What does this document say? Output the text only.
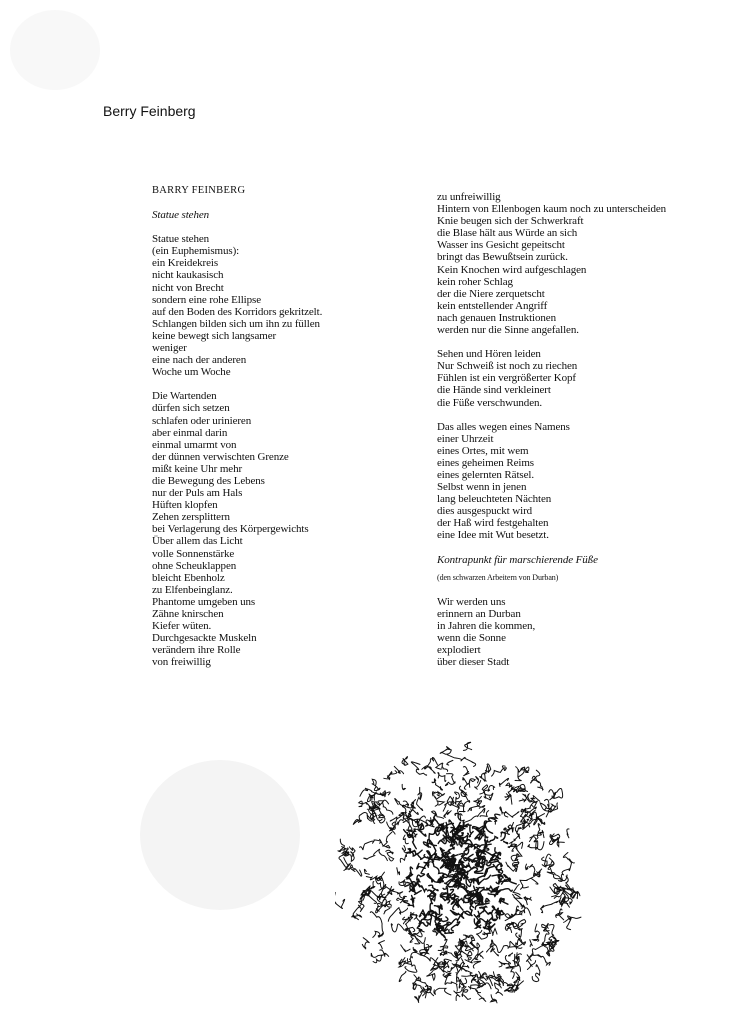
Berry Feinberg
BARRY FEINBERG
Statue stehen
Statue stehen
(ein Euphemismus):
ein Kreidekreis
nicht kaukasisch
nicht von Brecht
sondern eine rohe Ellipse
auf den Boden des Korridors gekritzelt.
Schlangen bilden sich um ihn zu füllen
keine bewegt sich langsamer
weniger
eine nach der anderen
Woche um Woche
Die Wartenden
dürfen sich setzen
schlafen oder urinieren
aber einmal darin
einmal umarmt von
der dünnen verwischten Grenze
mißt keine Uhr mehr
die Bewegung des Lebens
nur der Puls am Hals
Hüften klopfen
Zehen zersplittern
bei Verlagerung des Körpergewichts
Über allem das Licht
volle Sonnenstärke
ohne Scheuklappen
bleicht Ebenholz
zu Elfenbeinglanz.
Phantome umgeben uns
Zähne knirschen
Kiefer wüten.
Durchgesackte Muskeln
verändern ihre Rolle
von freiwillig
zu unfreiwillig
Hintern von Ellenbogen kaum noch zu unterscheiden
Knie beugen sich der Schwerkraft
die Blase hält aus Würde an sich
Wasser ins Gesicht gepeitscht
bringt das Bewußtsein zurück.
Kein Knochen wird aufgeschlagen
kein roher Schlag
der die Niere zerquetscht
kein entstellender Angriff
nach genauen Instruktionen
werden nur die Sinne angefallen.
Sehen und Hören leiden
Nur Schweiß ist noch zu riechen
Fühlen ist ein vergrößerter Kopf
die Hände sind verkleinert
die Füße verschwunden.
Das alles wegen eines Namens
einer Uhrzeit
eines Ortes, mit wem
eines geheimen Reims
eines gelernten Rätsel.
Selbst wenn in jenen
lang beleuchteten Nächten
dies ausgespuckt wird
der Haß wird festgehalten
eine Idee mit Wut besetzt.
Kontrapunkt für marschierende Füße
(den schwarzen Arbeitern von Durban)
Wir werden uns
erinnern an Durban
in Jahren die kommen,
wenn die Sonne
explodiert
über dieser Stadt
